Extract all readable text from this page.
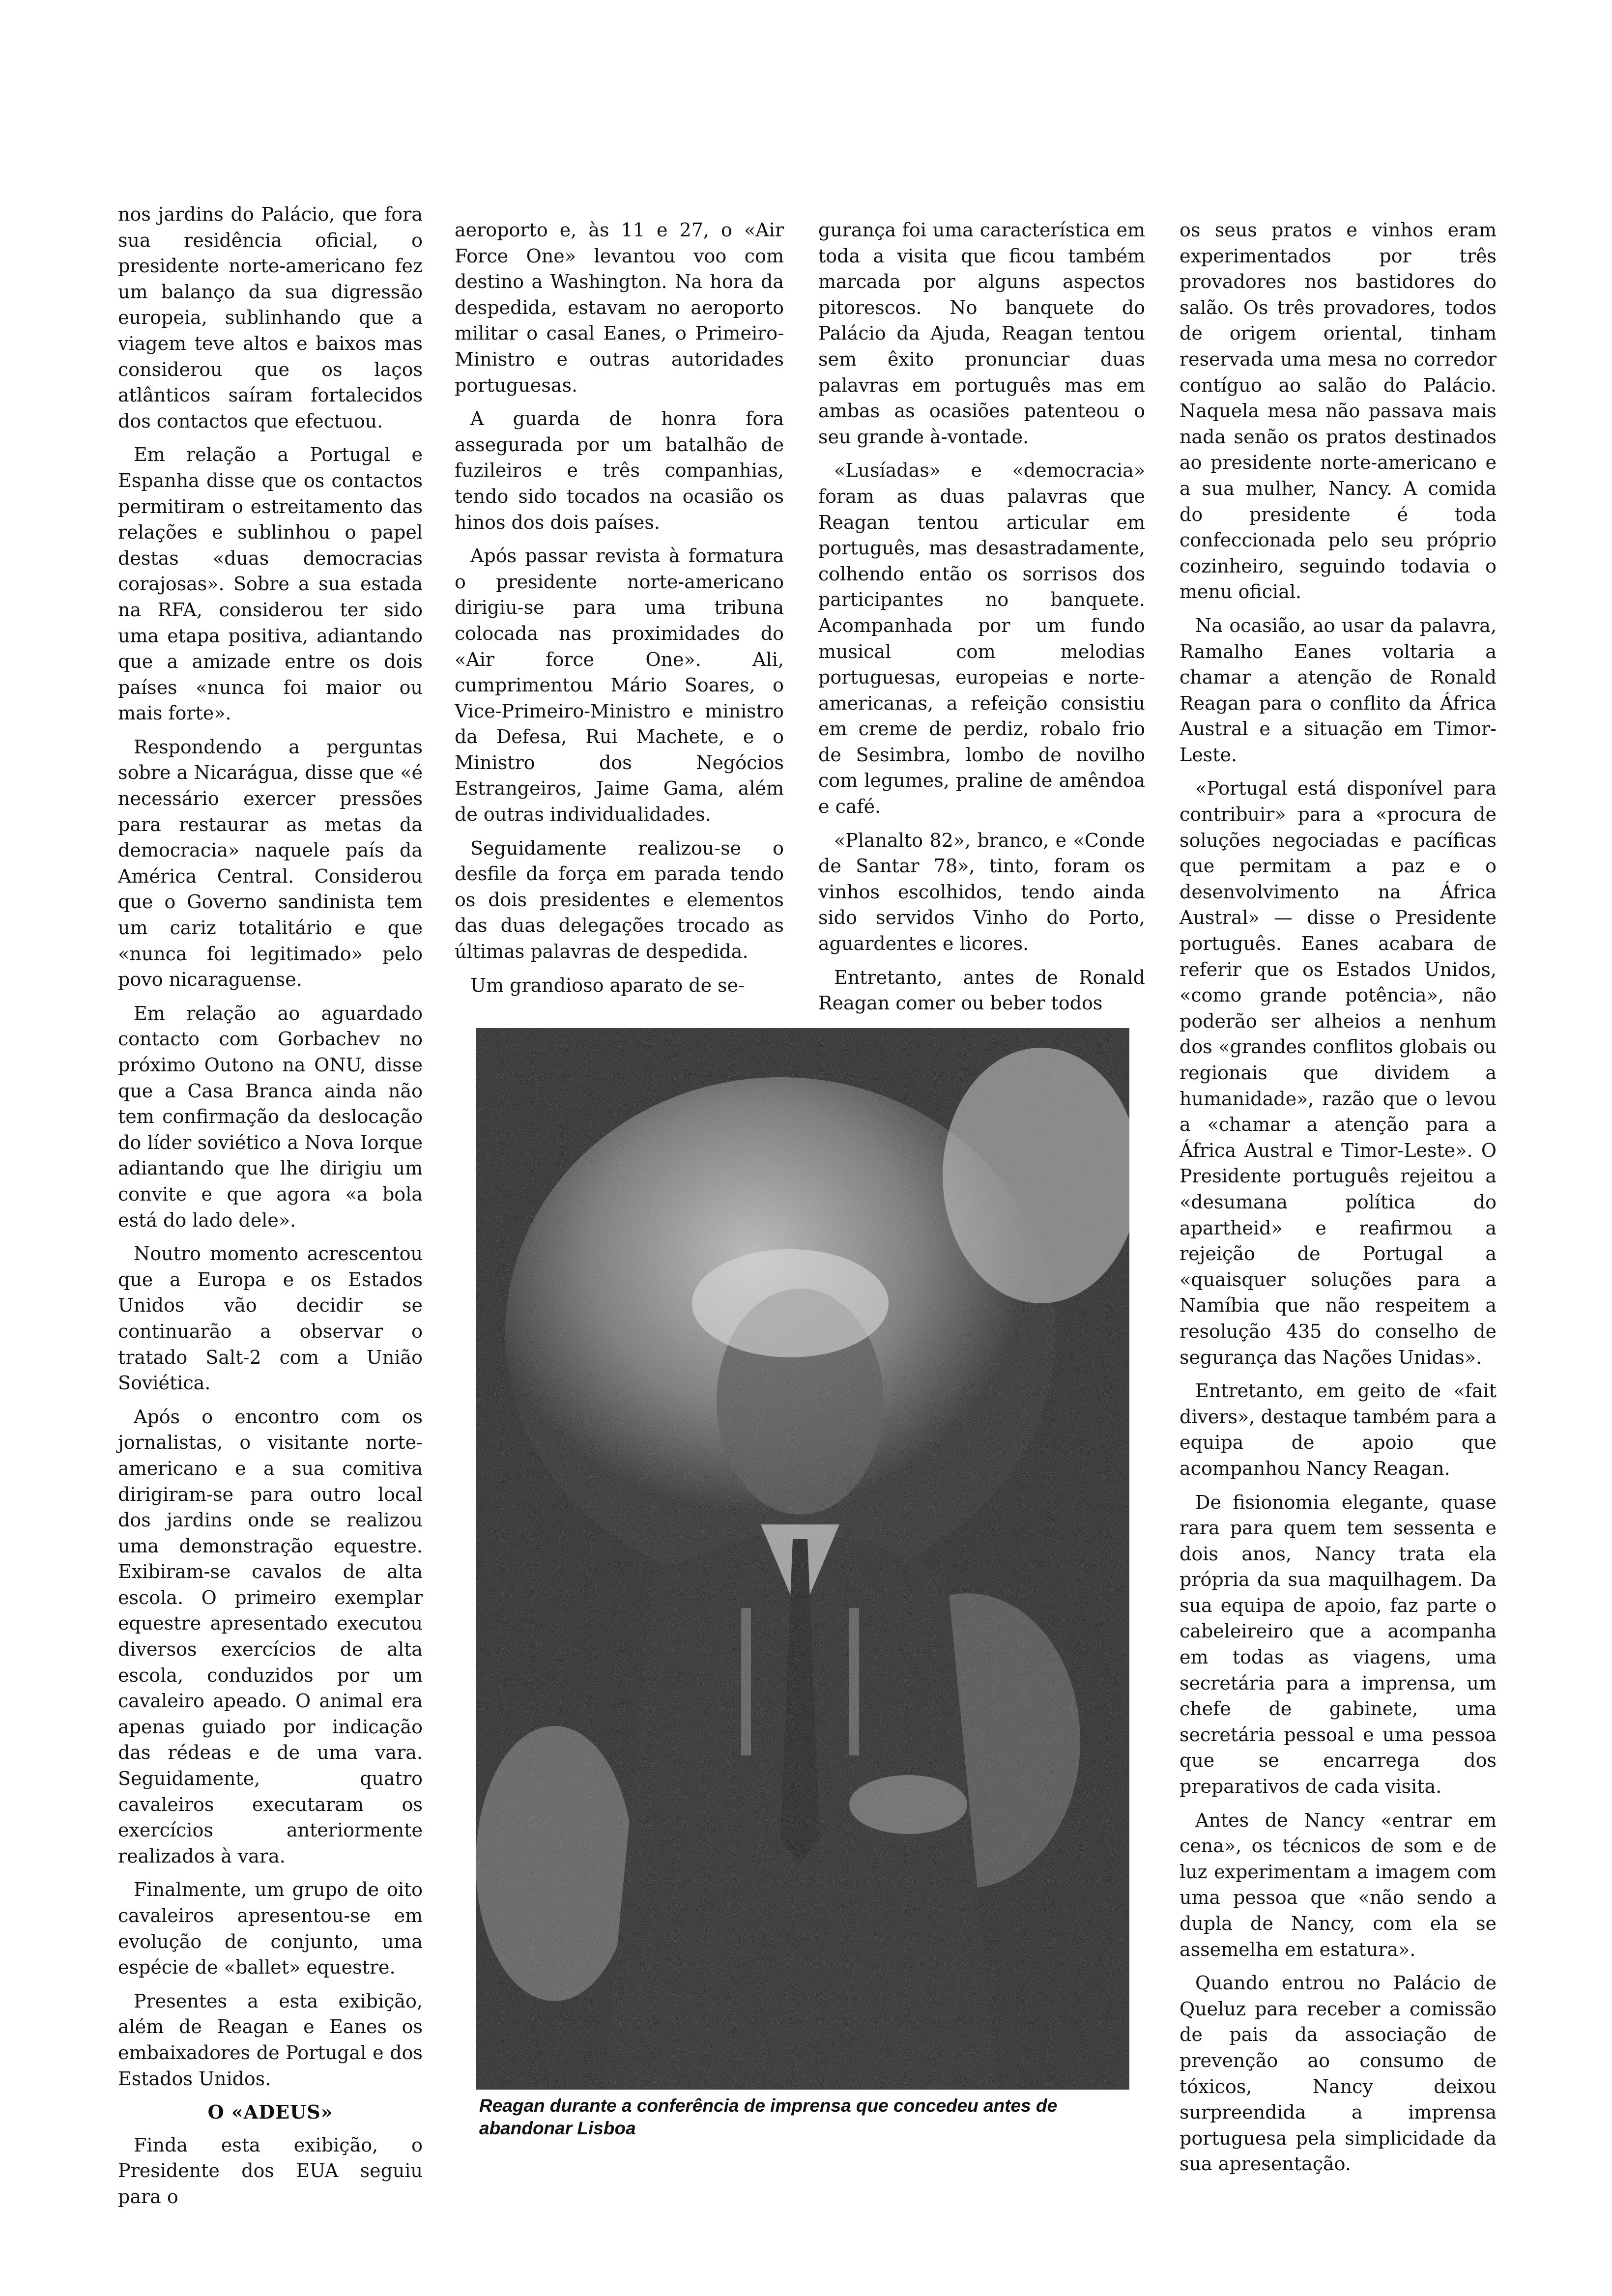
nos jardins do Palácio, que fora sua residência oficial, o presidente norte-americano fez um balanço da sua digressão europeia, sublinhando que a viagem teve altos e baixos mas considerou que os laços atlânticos saíram fortalecidos dos contactos que efectuou.

Em relação a Portugal e Espanha disse que os contactos permitiram o estreitamento das relações e sublinhou o papel destas «duas democracias corajosas». Sobre a sua estada na RFA, considerou ter sido uma etapa positiva, adiantando que a amizade entre os dois países «nunca foi maior ou mais forte».

Respondendo a perguntas sobre a Nicarágua, disse que «é necessário exercer pressões para restaurar as metas da democracia» naquele país da América Central. Considerou que o Governo sandinista tem um cariz totalitário e que «nunca foi legitimado» pelo povo nicaraguense.

Em relação ao aguardado contacto com Gorbachev no próximo Outono na ONU, disse que a Casa Branca ainda não tem confirmação da deslocação do líder soviético a Nova Iorque adiantando que lhe dirigiu um convite e que agora «a bola está do lado dele».

Noutro momento acrescentou que a Europa e os Estados Unidos vão decidir se continuarão a observar o tratado Salt-2 com a União Soviética.

Após o encontro com os jornalistas, o visitante norte-americano e a sua comitiva dirigiram-se para outro local dos jardins onde se realizou uma demonstração equestre. Exibiram-se cavalos de alta escola. O primeiro exemplar equestre apresentado executou diversos exercícios de alta escola, conduzidos por um cavaleiro apeado. O animal era apenas guiado por indicação das rédeas e de uma vara. Seguidamente, quatro cavaleiros executaram os exercícios anteriormente realizados à vara.

Finalmente, um grupo de oito cavaleiros apresentou-se em evolução de conjunto, uma espécie de «ballet» equestre.

Presentes a esta exibição, além de Reagan e Eanes os embaixadores de Portugal e dos Estados Unidos.

O «ADEUS»

Finda esta exibição, o Presidente dos EUA seguiu para o

aeroporto e, às 11 e 27, o «Air Force One» levantou voo com destino a Washington. Na hora da despedida, estavam no aeroporto militar o casal Eanes, o Primeiro-Ministro e outras autoridades portuguesas.

A guarda de honra fora assegurada por um batalhão de fuzileiros e três companhias, tendo sido tocados na ocasião os hinos dos dois países.

Após passar revista à formatura o presidente norte-americano dirigiu-se para uma tribuna colocada nas proximidades do «Air force One». Ali, cumprimentou Mário Soares, o Vice-Primeiro-Ministro e ministro da Defesa, Rui Machete, e o Ministro dos Negócios Estrangeiros, Jaime Gama, além de outras individualidades.

Seguidamente realizou-se o desfile da força em parada tendo os dois presidentes e elementos das duas delegações trocado as últimas palavras de despedida.

Um grandioso aparato de se-

gurança foi uma característica em toda a visita que ficou também marcada por alguns aspectos pitorescos. No banquete do Palácio da Ajuda, Reagan tentou sem êxito pronunciar duas palavras em português mas em ambas as ocasiões patenteou o seu grande à-vontade.

«Lusíadas» e «democracia» foram as duas palavras que Reagan tentou articular em português, mas desastradamente, colhendo então os sorrisos dos participantes no banquete. Acompanhada por um fundo musical com melodias portuguesas, europeias e norte-americanas, a refeição consistiu em creme de perdiz, robalo frio de Sesimbra, lombo de novilho com legumes, praline de amêndoa e café.

«Planalto 82», branco, e «Conde de Santar 78», tinto, foram os vinhos escolhidos, tendo ainda sido servidos Vinho do Porto, aguardentes e licores.

Entretanto, antes de Ronald Reagan comer ou beber todos

os seus pratos e vinhos eram experimentados por três provadores nos bastidores do salão. Os três provadores, todos de origem oriental, tinham reservada uma mesa no corredor contíguo ao salão do Palácio. Naquela mesa não passava mais nada senão os pratos destinados ao presidente norte-americano e a sua mulher, Nancy. A comida do presidente é toda confeccionada pelo seu próprio cozinheiro, seguindo todavia o menu oficial.

Na ocasião, ao usar da palavra, Ramalho Eanes voltaria a chamar a atenção de Ronald Reagan para o conflito da África Austral e a situação em Timor-Leste.

«Portugal está disponível para contribuir» para a «procura de soluções negociadas e pacíficas que permitam a paz e o desenvolvimento na África Austral» — disse o Presidente português. Eanes acabara de referir que os Estados Unidos, «como grande potência», não poderão ser alheios a nenhum dos «grandes conflitos globais ou regionais que dividem a humanidade», razão que o levou a «chamar a atenção para a África Austral e Timor-Leste». O Presidente português rejeitou a «desumana política do apartheid» e reafirmou a rejeição de Portugal a «quaisquer soluções para a Namíbia que não respeitem a resolução 435 do conselho de segurança das Nações Unidas».

Entretanto, em geito de «fait divers», destaque também para a equipa de apoio que acompanhou Nancy Reagan.

De fisionomia elegante, quase rara para quem tem sessenta e dois anos, Nancy trata ela própria da sua maquilhagem. Da sua equipa de apoio, faz parte o cabeleireiro que a acompanha em todas as viagens, uma secretária para a imprensa, um chefe de gabinete, uma secretária pessoal e uma pessoa que se encarrega dos preparativos de cada visita.

Antes de Nancy «entrar em cena», os técnicos de som e de luz experimentam a imagem com uma pessoa que «não sendo a dupla de Nancy, com ela se assemelha em estatura».

Quando entrou no Palácio de Queluz para receber a comissão de pais da associação de prevenção ao consumo de tóxicos, Nancy deixou surpreendida a imprensa portuguesa pela simplicidade da sua apresentação.

Reagan durante a conferência de imprensa que concedeu antes de abandonar Lisboa
